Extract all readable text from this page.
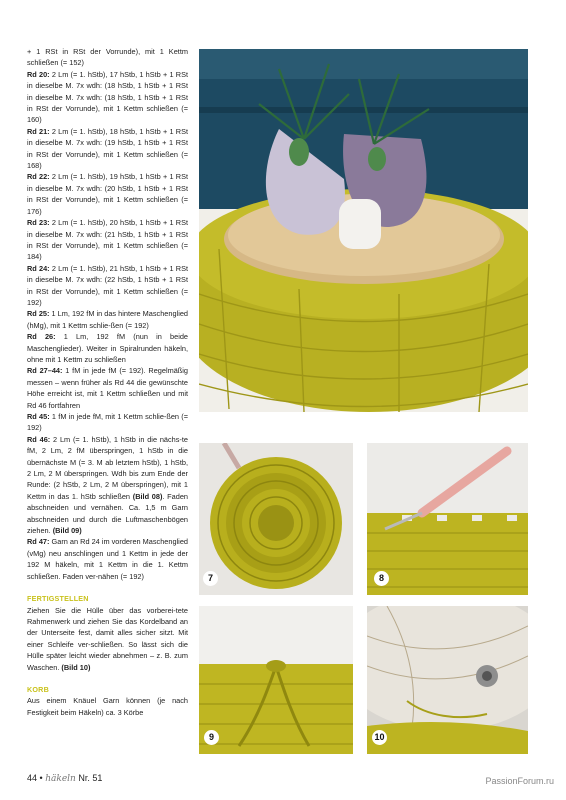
+ 1 RSt in RSt der Vorrunde), mit 1 Kettm schließen (= 152)

Rd 20: 2 Lm (= 1. hStb), 17 hStb, 1 hStb + 1 RSt in dieselbe M. 7x wdh: (18 hStb, 1 hStb + 1 RSt in dieselbe M. 7x wdh: (18 hStb, 1 hStb + 1 RSt in RSt der Vorrunde), mit 1 Kettm schließen (= 160)

Rd 21: 2 Lm (= 1. hStb), 18 hStb, 1 hStb + 1 RSt in dieselbe M. 7x wdh: (19 hStb, 1 hStb + 1 RSt in RSt der Vorrunde), mit 1 Kettm schließen (= 168)

Rd 22: 2 Lm (= 1. hStb), 19 hStb, 1 hStb + 1 RSt in dieselbe M. 7x wdh: (20 hStb, 1 hStb + 1 RSt in RSt der Vorrunde), mit 1 Kettm schließen (= 176)

Rd 23: 2 Lm (= 1. hStb), 20 hStb, 1 hStb + 1 RSt in dieselbe M. 7x wdh: (21 hStb, 1 hStb + 1 RSt in RSt der Vorrunde), mit 1 Kettm schließen (= 184)

Rd 24: 2 Lm (= 1. hStb), 21 hStb, 1 hStb + 1 RSt in dieselbe M. 7x wdh: (22 hStb, 1 hStb + 1 RSt in RSt der Vorrunde), mit 1 Kettm schließen (= 192)

Rd 25: 1 Lm, 192 fM in das hintere Maschenglied (hMg), mit 1 Kettm schlie-ßen (= 192)

Rd 26: 1 Lm, 192 fM (nun in beide Maschenglieder). Weiter in Spiralrunden häkeln, ohne mit 1 Kettm zu schließen

Rd 27–44: 1 fM in jede fM (= 192). Regelmäßig messen – wenn früher als Rd 44 die gewünschte Höhe erreicht ist, mit 1 Kettm schließen und mit Rd 46 fortfahren

Rd 45: 1 fM in jede fM, mit 1 Kettm schlie-ßen (= 192)

Rd 46: 2 Lm (= 1. hStb), 1 hStb in die nächs-te fM, 2 Lm, 2 fM überspringen, 1 hStb in die übernächste M (= 3. M ab letztem hStb), 1 hStb, 2 Lm, 2 M überspringen. Wdh bis zum Ende der Runde: (2 hStb, 2 Lm, 2 M überspringen), mit 1 Kettm in das 1. hStb schließen (Bild 08). Faden abschneiden und vernähen. Ca. 1,5 m Garn abschneiden und durch die Luftmaschenbögen ziehen. (Bild 09)

Rd 47: Garn an Rd 24 im vorderen Maschenglied (vMg) neu anschlingen und 1 Kettm in jede der 192 M häkeln, mit 1 Kettm in die 1. Kettm schließen. Faden ver-nähen (= 192)

FERTIGSTELLEN

Ziehen Sie die Hülle über das vorberei-tete Rahmenwerk und ziehen Sie das Kordelband an der Unterseite fest, damit alles sicher sitzt. Mit einer Schleife ver-schließen. So lässt sich die Hülle später leicht wieder abnehmen – z. B. zum Waschen. (Bild 10)

KORB

Aus einem Knäuel Garn können (je nach Festigkeit beim Häkeln) ca. 3 Körbe

7	8
9	10
44 • häkeln Nr. 51	PassionForum.ru
